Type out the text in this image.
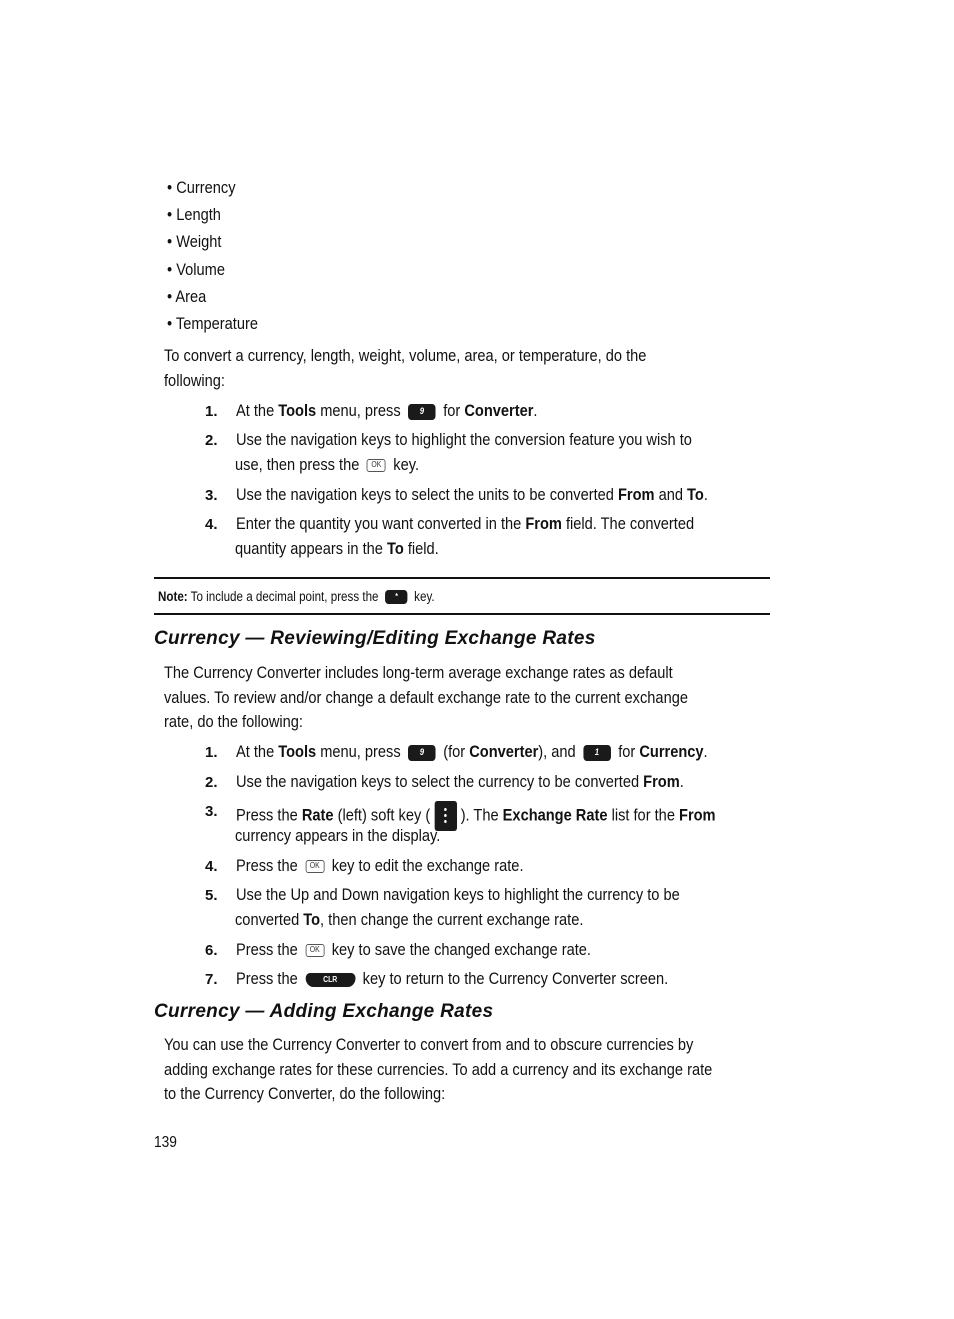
• Currency
• Length
• Weight
• Volume
• Area
• Temperature
To convert a currency, length, weight, volume, area, or temperature, do the
following:
1. At the Tools menu, press 9 for Converter.
2. Use the navigation keys to highlight the conversion feature you wish to
use, then press the OK key.
3. Use the navigation keys to select the units to be converted From and To.
4. Enter the quantity you want converted in the From field. The converted
quantity appears in the To field.
Note: To include a decimal point, press the * key.
Currency — Reviewing/Editing Exchange Rates
The Currency Converter includes long-term average exchange rates as default
values. To review and/or change a default exchange rate to the current exchange
rate, do the following:
1. At the Tools menu, press 9 (for Converter), and 1 for Currency.
2. Use the navigation keys to select the currency to be converted From.
3. Press the Rate (left) soft key (
). The Exchange Rate list for the From
currency appears in the display.
4. Press the OK key to edit the exchange rate.
5. Use the Up and Down navigation keys to highlight the currency to be
converted To, then change the current exchange rate.
6. Press the OK key to save the changed exchange rate.
7. Press the	CLR key to return to the Currency Converter screen.
Currency — Adding Exchange Rates
You can use the Currency Converter to convert from and to obscure currencies by
adding exchange rates for these currencies. To add a currency and its exchange rate
to the Currency Converter, do the following:
139
